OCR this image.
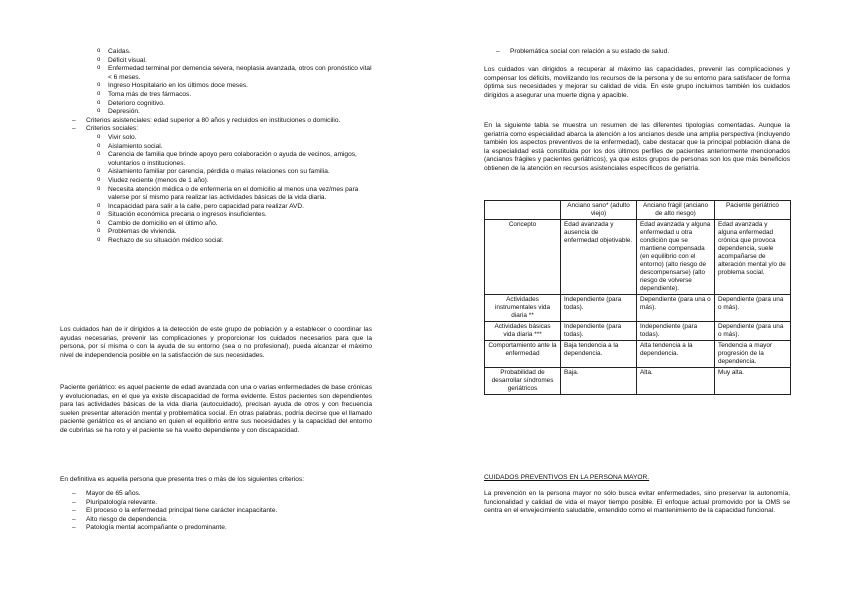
o Caídas.
o Déficit visual.
o Enfermedad terminal por demencia severa, neoplasia avanzada, otros con pronóstico vital < 6 meses.
o Ingreso Hospitalario en los últimos doce meses.
o Toma más de tres fármacos.
o Deterioro cognitivo.
o Depresión.
– Criterios asistenciales: edad superior a 80 años y recluidos en instituciones o domicilio.
– Criterios sociales:
o Vivir solo.
o Aislamiento social.
o Carencia de familia que brinde apoyo pero colaboración o ayuda de vecinos, amigos, voluntarios o instituciones.
o Aislamiento familiar por carencia, pérdida o malas relaciones con su familia.
o Viudez reciente (menos de 1 año).
o Necesita atención médica o de enfermería en el domicilio al menos una vez/mes para valerse por sí mismo para realizar las actividades básicas de la vida diaria.
o Incapacidad para salir a la calle, pero capacidad para realizar AVD.
o Situación económica precaria o ingresos insuficientes.
o Cambio de domicilio en el último año.
o Problemas de vivienda.
o Rechazo de su situación médico social.

Los cuidados han de ir dirigidos a la detección de este grupo de población y a establecer o coordinar las ayudas necesarias, prevenir las complicaciones y proporcionar los cuidados necesarios para que la persona, por sí misma o con la ayuda de su entorno (sea o no profesional), pueda alcanzar el máximo nivel de independencia posible en la satisfacción de sus necesidades.

Paciente geriátrico: es aquel paciente de edad avanzada con una o varias enfermedades de base crónicas y evolucionadas, en el que ya existe discapacidad de forma evidente. Estos pacientes son dependientes para las actividades básicas de la vida diaria (autocuidado), precisan ayuda de otros y con frecuencia suelen presentar alteración mental y problemática social. En otras palabras, podría decirse que el llamado paciente geriátrico es el anciano en quien el equilibrio entre sus necesidades y la capacidad del entorno de cubrirlas se ha roto y el paciente se ha vuelto dependiente y con discapacidad.

En definitiva es aquella persona que presenta tres o más de los siguientes criterios:

– Mayor de 65 años.
– Pluripatología relevante.
– El proceso o la enfermedad principal tiene carácter incapacitante.
– Alto riesgo de dependencia.
– Patología mental acompañante o predominante.
– Problemática social con relación a su estado de salud.

Los cuidados van dirigidos a recuperar al máximo las capacidades, prevenir las complicaciones y compensar los déficits, movilizando los recursos de la persona y de su entorno para satisfacer de forma óptima sus necesidades y mejorar su calidad de vida. En este grupo incluimos también los cuidados dirigidos a asegurar una muerte digna y apacible.

En la siguiente tabla se muestra un resumen de las diferentes tipologías comentadas. Aunque la geriatría como especialidad abarca la atención a los ancianos desde una amplia perspectiva (incluyendo también los aspectos preventivos de la enfermedad), cabe destacar que la principal población diana de la especialidad está constituida por los dos últimos perfiles de pacientes anteriormente mencionados (ancianos frágiles y pacientes geriátricos), ya que estos grupos de personas son los que más beneficios obtienen de la atención en recursos asistenciales específicos de geriatría.

	Anciano sano* (adulto viejo)	Anciano frágil (anciano de alto riesgo)	Paciente geriátrico
Concepto	Edad avanzada y ausencia de enfermedad objetivable.	Edad avanzada y alguna enfermedad u otra condición que se mantiene compensada (en equilibrio con el entorno) (alto riesgo de descompensarse) (alto riesgo de volverse dependiente).	Edad avanzada y alguna enfermedad crónica que provoca dependencia, suele acompañarse de alteración mental y/o de problema social.
Actividades instrumentales vida diaria **	Independiente (para todas).	Dependiente (para una o más).	Dependiente (para una o más).
Actividades básicas vida diaria ***	Independiente (para todas).	Independiente (para todas).	Dependiente (para una o más).
Comportamiento ante la enfermedad	Baja tendencia a la dependencia.	Alta tendencia a la dependencia.	Tendencia a mayor progresión de la dependencia.
Probabilidad de desarrollar síndromes geriátricos	Baja.	Alta.	Muy alta.

CUIDADOS PREVENTIVOS EN LA PERSONA MAYOR.

La prevención en la persona mayor no sólo busca evitar enfermedades, sino preservar la autonomía, funcionalidad y calidad de vida el mayor tiempo posible. El enfoque actual promovido por la OMS se centra en el envejecimiento saludable, entendido como el mantenimiento de la capacidad funcional.
